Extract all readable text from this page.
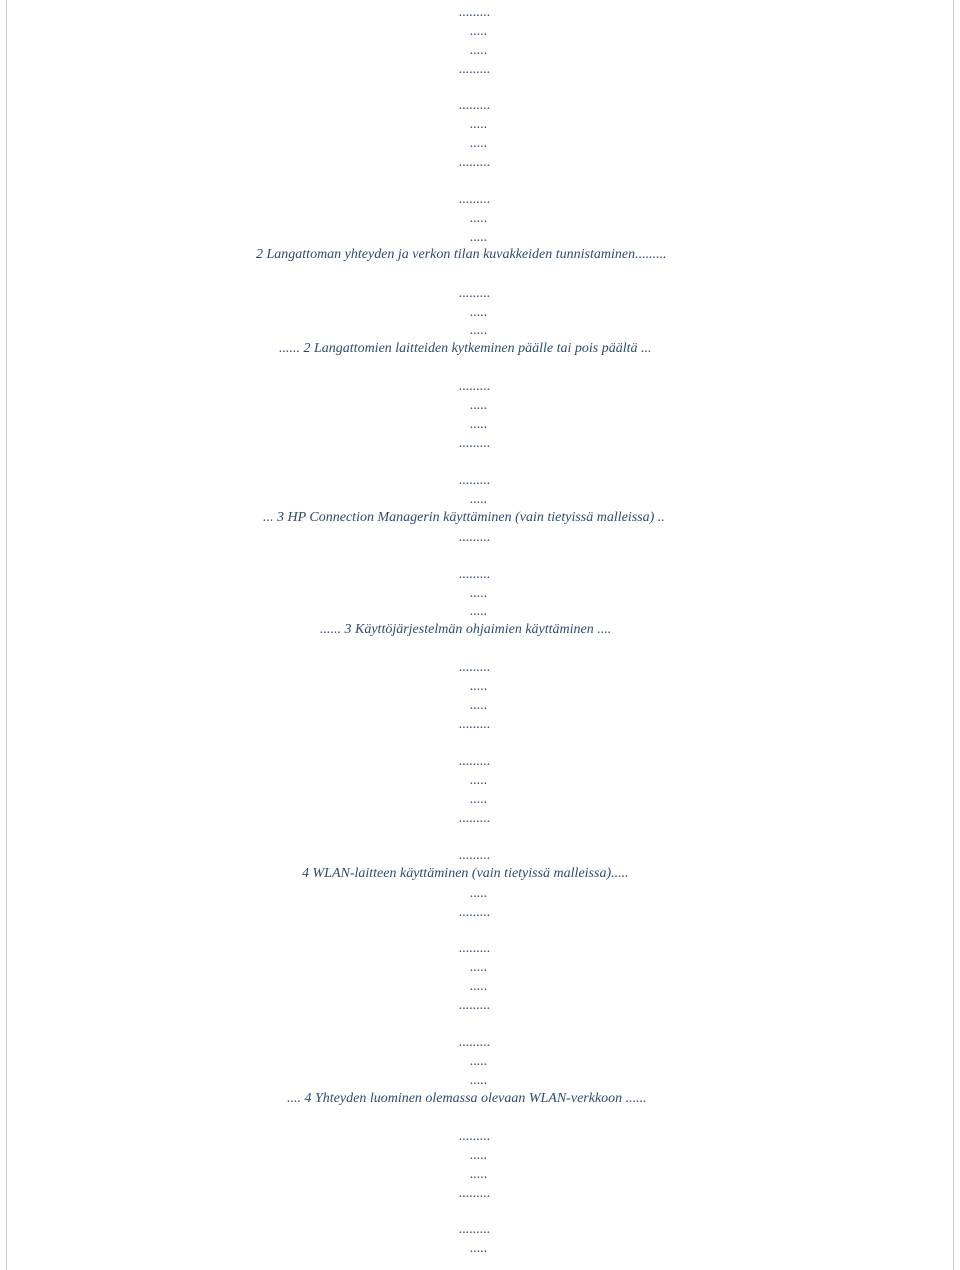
.........

.....

.....

.........

.........

.....

.....

.........

.........

.....

.....

2 Langattoman yhteyden ja verkon tilan kuvakkeiden tunnistaminen.........

.........

.....

.....

...... 2 Langattomien laitteiden kytkeminen päälle tai pois päältä ...

.........

.....

.....

.........

.........

.....

... 3 HP Connection Managerin käyttäminen (vain tietyissä malleissa) ..

.........

.........

.....

.....

...... 3 Käyttöjärjestelmän ohjaimien käyttäminen ....

.........

.....

.....

.........

.........

.....

.....

.........

.........

4 WLAN-laitteen käyttäminen (vain tietyissä malleissa).....

.....

.........

.........

.....

.....

.........

.........

.....

.....

.... 4 Yhteyden luominen olemassa olevaan WLAN-verkkoon ......

.........

.....

.....

.........

.........

.....
